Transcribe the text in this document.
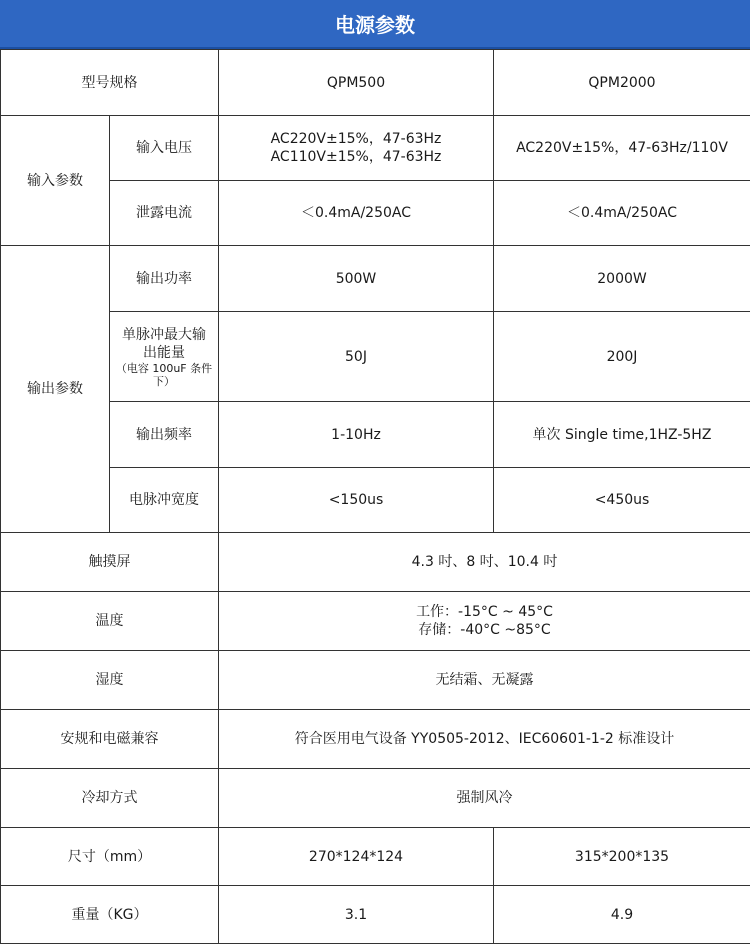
电源参数
型号规格		QPM500	QPM2000
输入参数	输入电压	AC220V±15%，47-63Hz
AC110V±15%，47-63Hz	AC220V±15%，47-63Hz/110V
	泄露电流	＜0.4mA/250AC	＜0.4mA/250AC
输出参数	输出功率	500W	2000W

	单脉冲最大输
出能量
（电容 100uF 条件下）	50J	200J
	输出频率	1-10Hz	单次 Single time,1HZ-5HZ
	电脉冲宽度	<150us	<450us
触摸屏		4.3 吋、8 吋、10.4 吋	
温度		工作：-15°C ~ 45°C
存储：-40°C ~85°C	

湿度		无结霜、无凝露	
安规和电磁兼容		符合医用电气设备 YY0505-2012、IEC60601-1-2 标准设计	
冷却方式		强制风冷	
尺寸（mm）		270*124*124	315*200*135
重量（KG）		3.1	4.9
